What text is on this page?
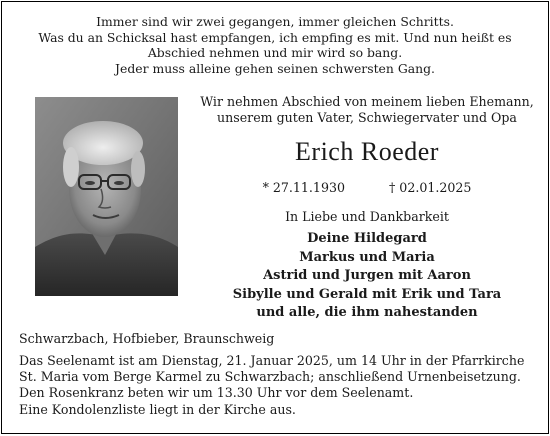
Immer sind wir zwei gegangen, immer gleichen Schritts.
Was du an Schicksal hast empfangen, ich empfing es mit. Und nun heißt es
Abschied nehmen und mir wird so bang.
Jeder muss alleine gehen seinen schwersten Gang.
Wir nehmen Abschied von meinem lieben Ehemann,
unserem guten Vater, Schwiegervater und Opa
Erich Roeder
* 27.11.1930	† 02.01.2025
In Liebe und Dankbarkeit
Deine Hildegard
Markus und Maria
Astrid und Jurgen mit Aaron
Sibylle und Gerald mit Erik und Tara
und alle, die ihm nahestanden
Schwarzbach, Hofbieber, Braunschweig
Das Seelenamt ist am Dienstag, 21. Januar 2025, um 14 Uhr in der Pfarrkirche
St. Maria vom Berge Karmel zu Schwarzbach; anschließend Urnenbeisetzung.
Den Rosenkranz beten wir um 13.30 Uhr vor dem Seelenamt.
Eine Kondolenzliste liegt in der Kirche aus.
